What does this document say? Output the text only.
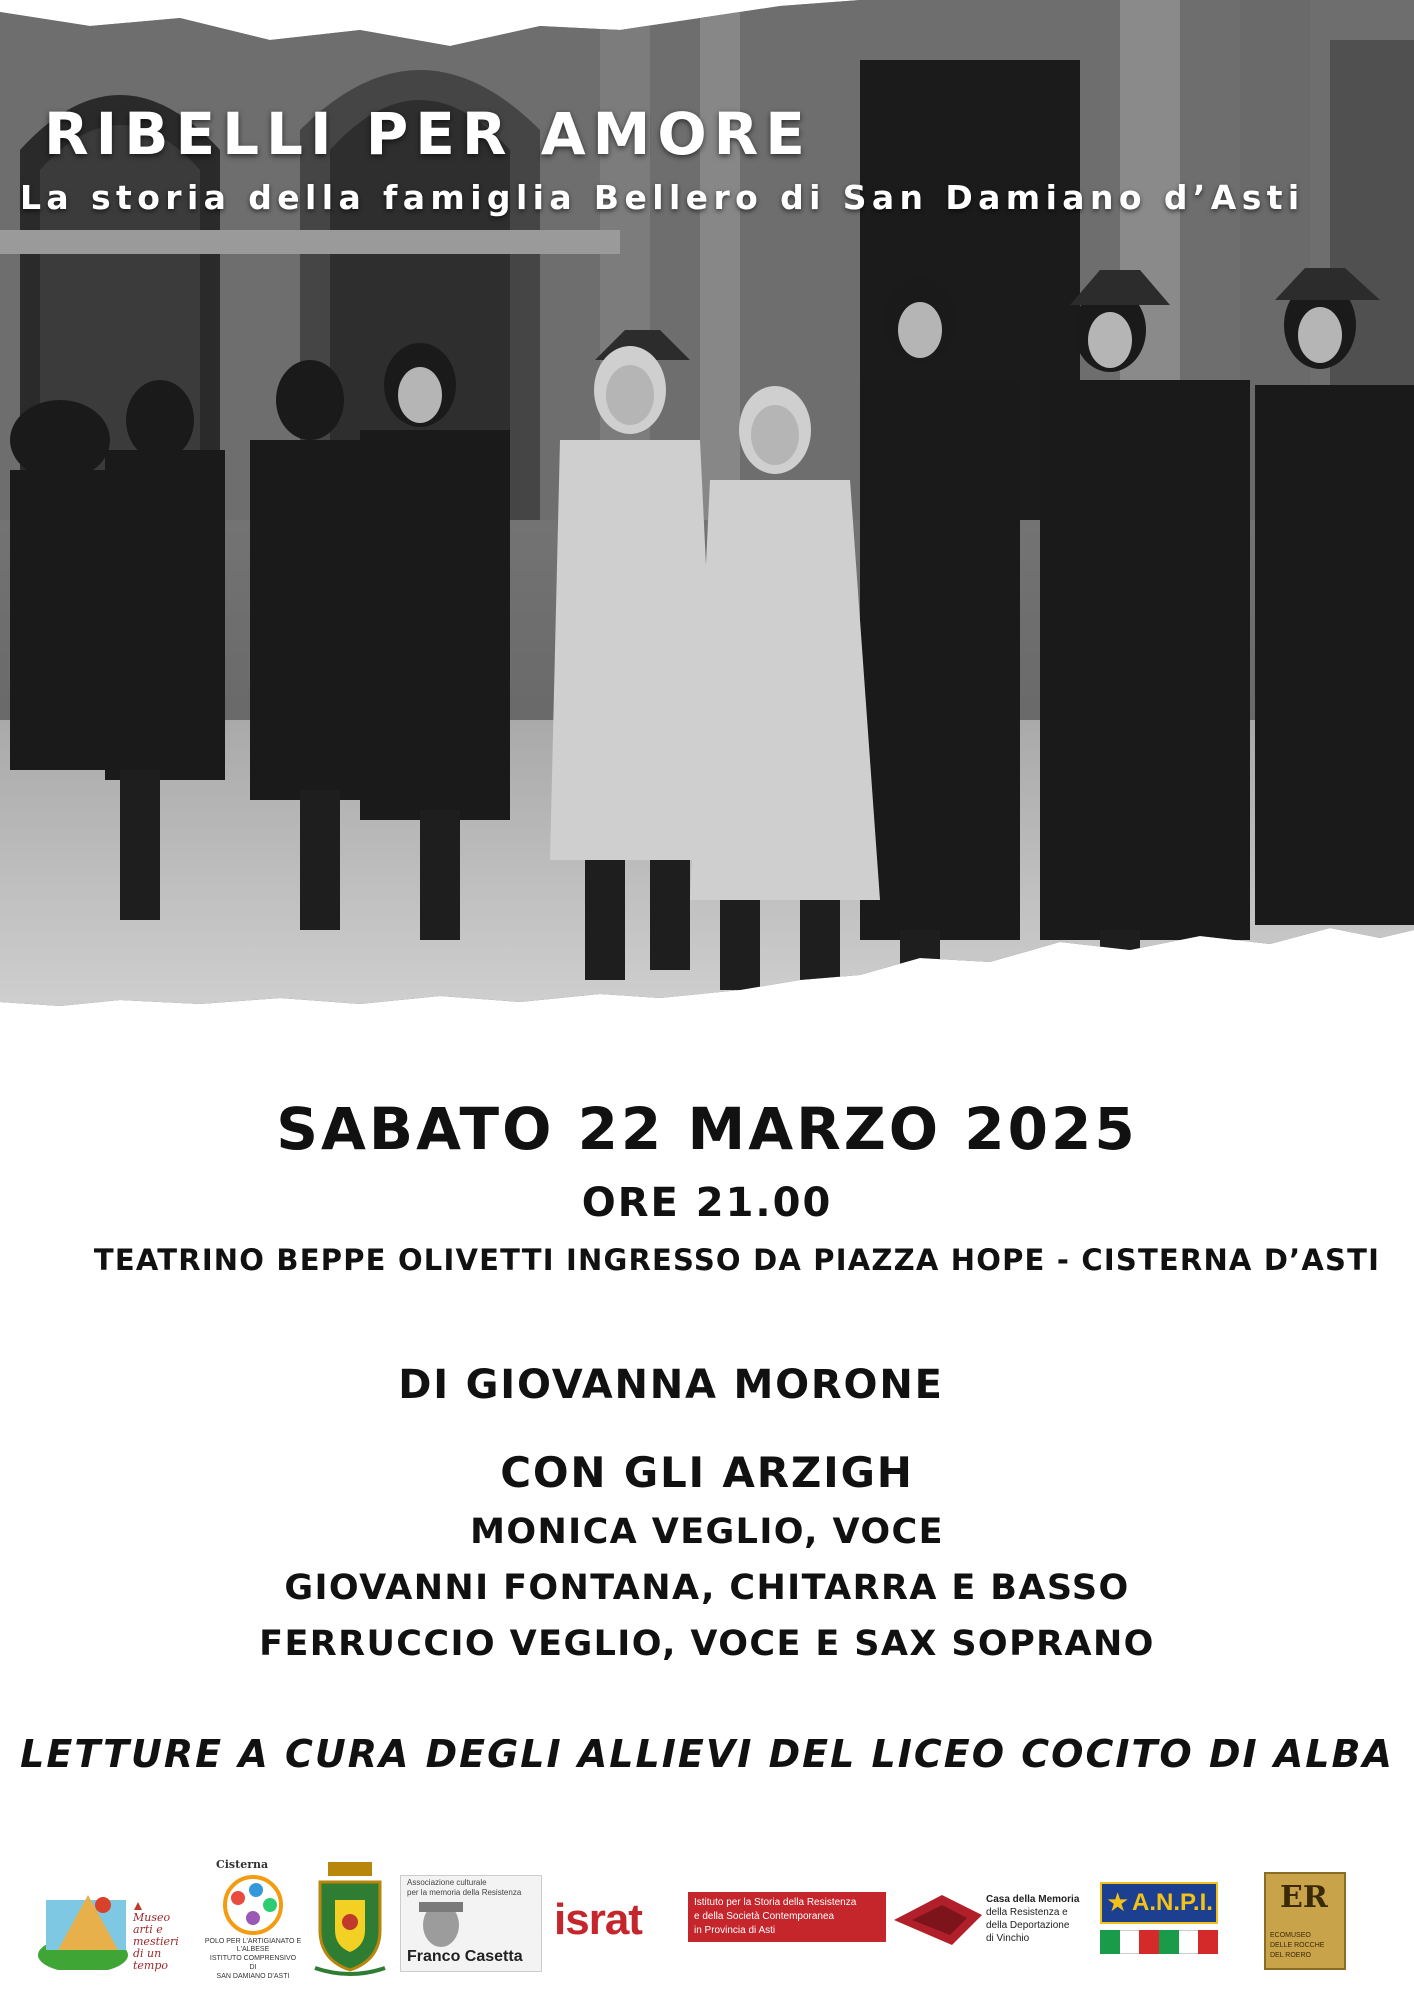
RIBELLI PER AMORE

La storia della famiglia Bellero di San Damiano d’Asti

SABATO 22 MARZO 2025
ORE 21.00
TEATRINO BEPPE OLIVETTI INGRESSO DA PIAZZA HOPE - CISTERNA D’ASTI
DI GIOVANNA MORONE
CON GLI ARZIGH
MONICA VEGLIO, VOCE
GIOVANNI FONTANA, CHITARRA E BASSO
FERRUCCIO VEGLIO, VOCE E SAX SOPRANO
LETTURE A CURA DEGLI ALLIEVI DEL LICEO COCITO DI ALBA
Museo arti e mestieri di un tempo
Cisterna
POLO PER L'ARTIGIANATO E L'ALBESE
ISTITUTO COMPRENSIVO
DI
SAN DAMIANO D'ASTI
Associazione culturale
per la memoria della Resistenza
Franco Casetta
israt	Istituto per la Storia della Resistenza
e della Società Contemporanea
in Provincia di Asti
Casa della Memoria
della Resistenza e
della Deportazione
di Vinchio
★ A.N.P.I. ER
ECOMUSEO
DELLE ROCCHE
DEL ROERO
